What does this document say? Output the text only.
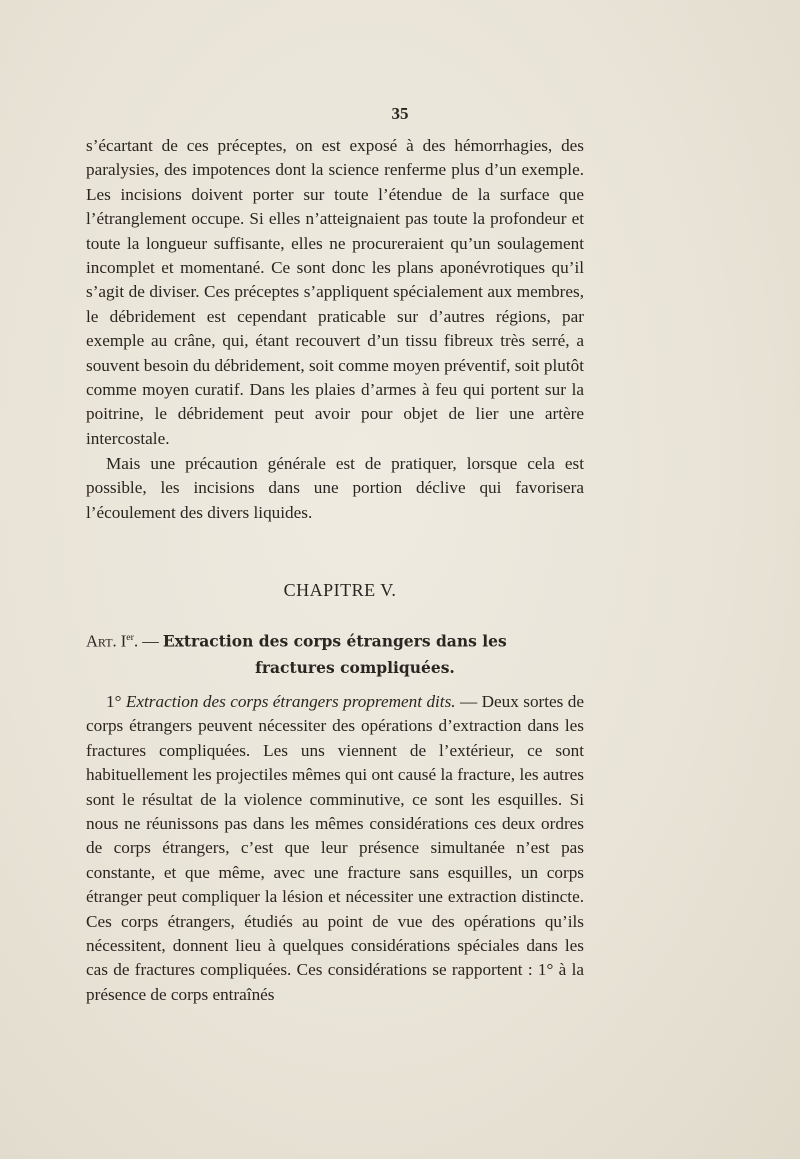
35

s’écartant de ces préceptes, on est exposé à des hémorrhagies, des paralysies, des impotences dont la science renferme plus d’un exemple. Les incisions doivent porter sur toute l’étendue de la surface que l’étranglement occupe. Si elles n’atteignaient pas toute la profondeur et toute la longueur suffisante, elles ne procureraient qu’un soulagement incomplet et momentané. Ce sont donc les plans aponévrotiques qu’il s’agit de diviser. Ces préceptes s’appliquent spécialement aux membres, le débridement est cependant praticable sur d’autres régions, par exemple au crâne, qui, étant recouvert d’un tissu fibreux très serré, a souvent besoin du débridement, soit comme moyen préventif, soit plutôt comme moyen curatif. Dans les plaies d’armes à feu qui portent sur la poitrine, le débridement peut avoir pour objet de lier une artère intercostale.

Mais une précaution générale est de pratiquer, lorsque cela est possible, les incisions dans une portion déclive qui favorisera l’écoulement des divers liquides.

CHAPITRE V.
Art. Ier. — Extraction des corps étrangers dans les
fractures compliquées.

1° Extraction des corps étrangers proprement dits. — Deux sortes de corps étrangers peuvent nécessiter des opérations d’extraction dans les fractures compliquées. Les uns viennent de l’extérieur, ce sont habituellement les projectiles mêmes qui ont causé la fracture, les autres sont le résultat de la violence comminutive, ce sont les esquilles. Si nous ne réunissons pas dans les mêmes considérations ces deux ordres de corps étrangers, c’est que leur présence simultanée n’est pas constante, et que même, avec une fracture sans esquilles, un corps étranger peut compliquer la lésion et nécessiter une extraction distincte. Ces corps étrangers, étudiés au point de vue des opérations qu’ils nécessitent, donnent lieu à quelques considérations spéciales dans les cas de fractures compliquées. Ces considérations se rapportent : 1° à la présence de corps entraînés
